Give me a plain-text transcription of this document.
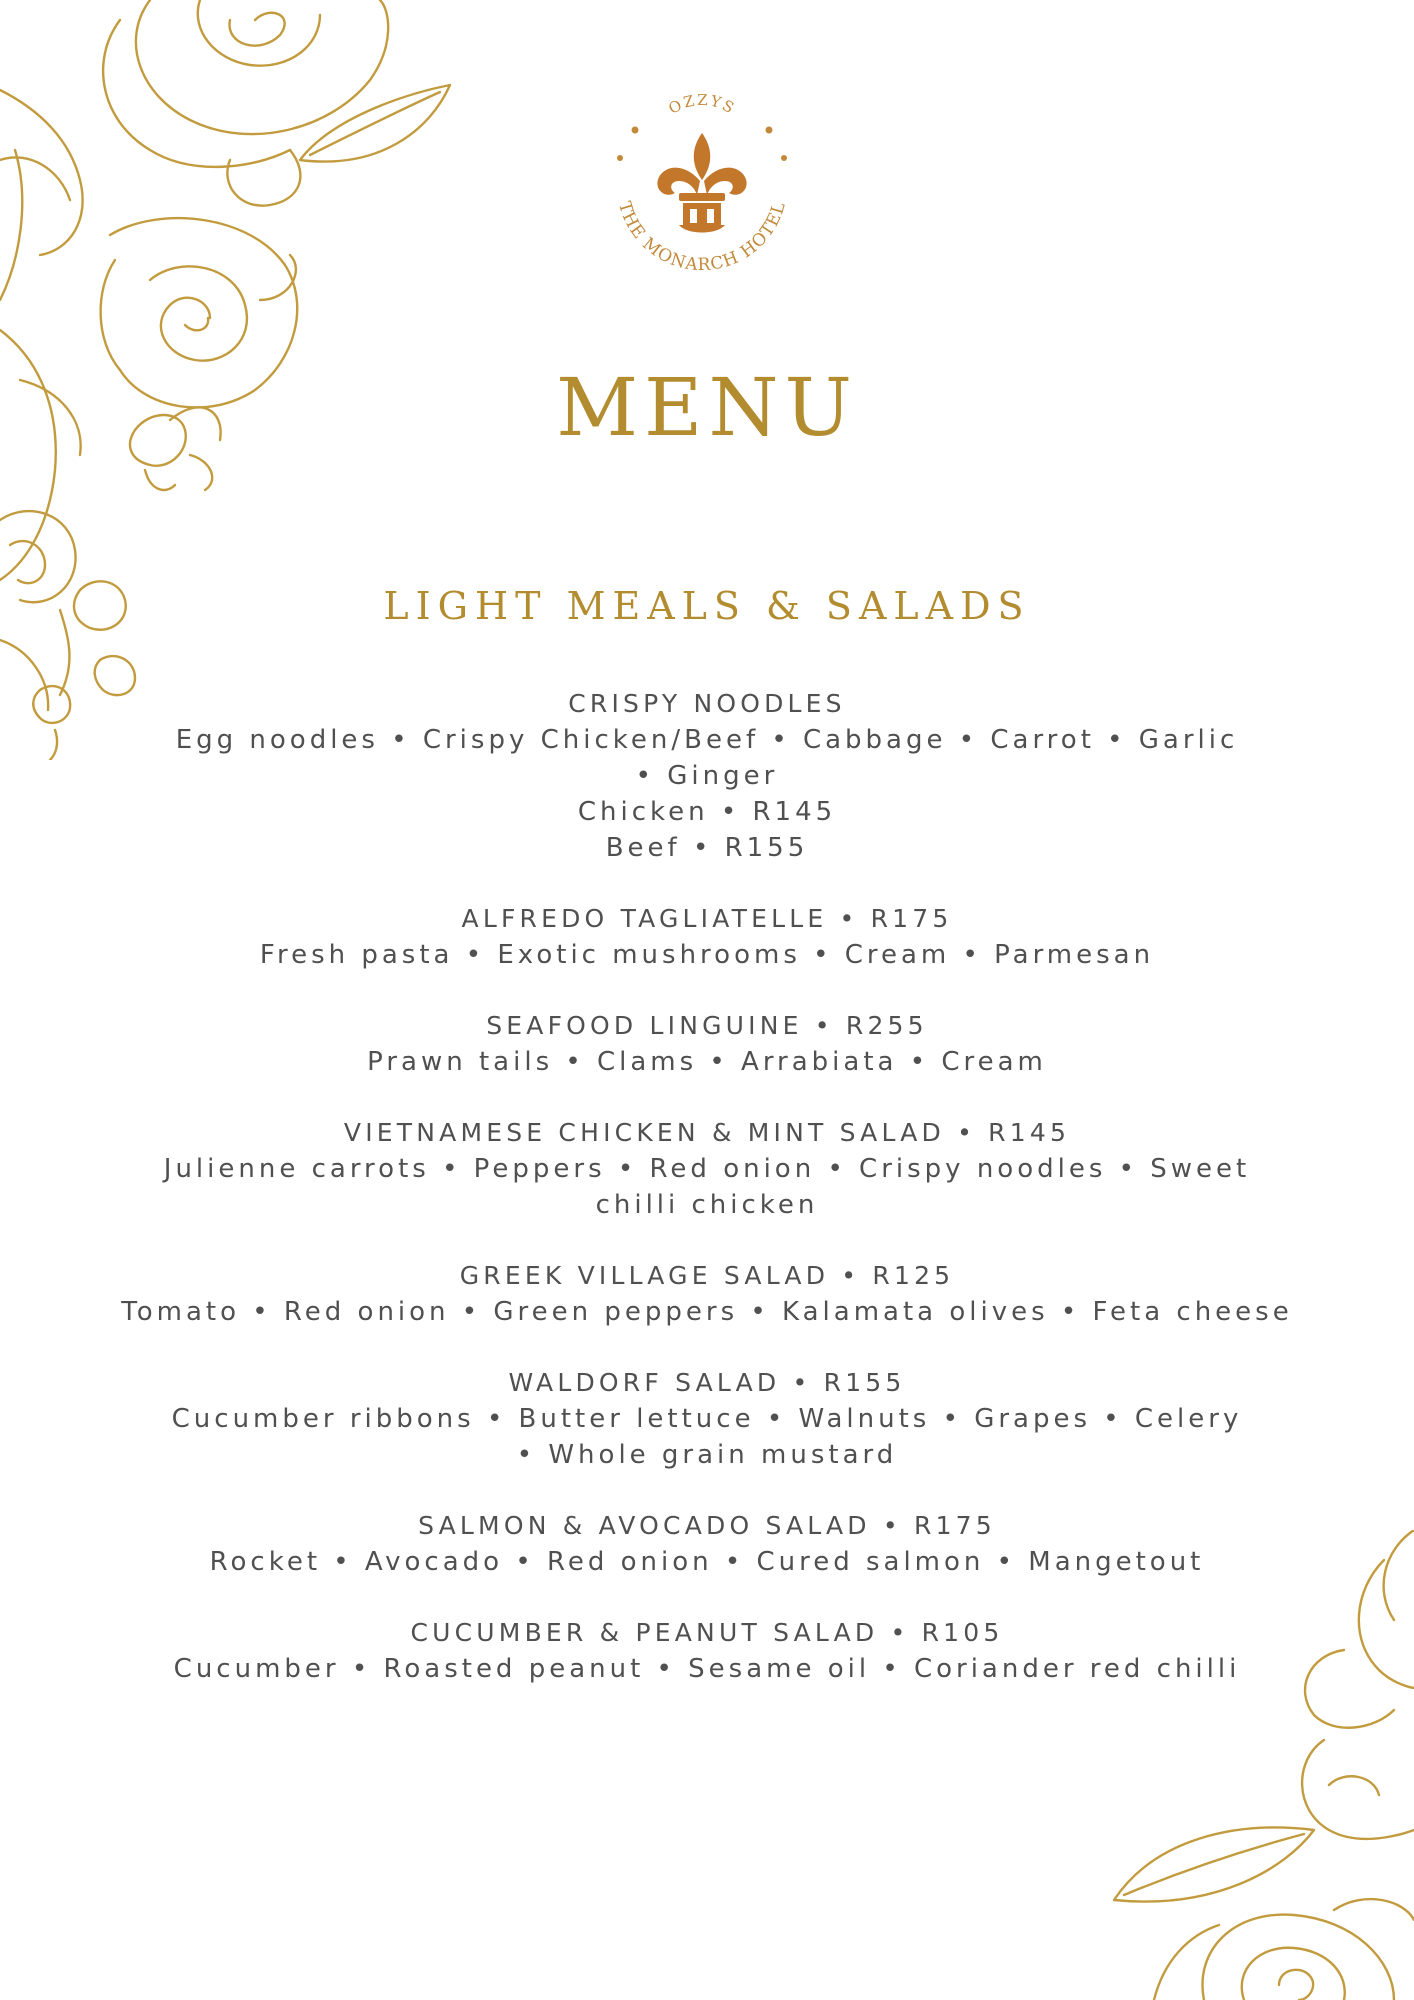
OZZYS
THE MONARCH HOTEL
MENU
LIGHT MEALS & SALADS
CRISPY NOODLES
Egg noodles • Crispy Chicken/Beef • Cabbage • Carrot • Garlic
• Ginger
Chicken • R145
Beef • R155
ALFREDO TAGLIATELLE • R175
Fresh pasta • Exotic mushrooms • Cream • Parmesan
SEAFOOD LINGUINE • R255
Prawn tails • Clams • Arrabiata • Cream
VIETNAMESE CHICKEN & MINT SALAD • R145
Julienne carrots • Peppers • Red onion • Crispy noodles • Sweet
chilli chicken
GREEK VILLAGE SALAD • R125
Tomato • Red onion • Green peppers • Kalamata olives • Feta cheese
WALDORF SALAD • R155
Cucumber ribbons • Butter lettuce • Walnuts • Grapes • Celery
• Whole grain mustard
SALMON & AVOCADO SALAD • R175
Rocket • Avocado • Red onion • Cured salmon • Mangetout
CUCUMBER & PEANUT SALAD • R105
Cucumber • Roasted peanut • Sesame oil • Coriander red chilli
